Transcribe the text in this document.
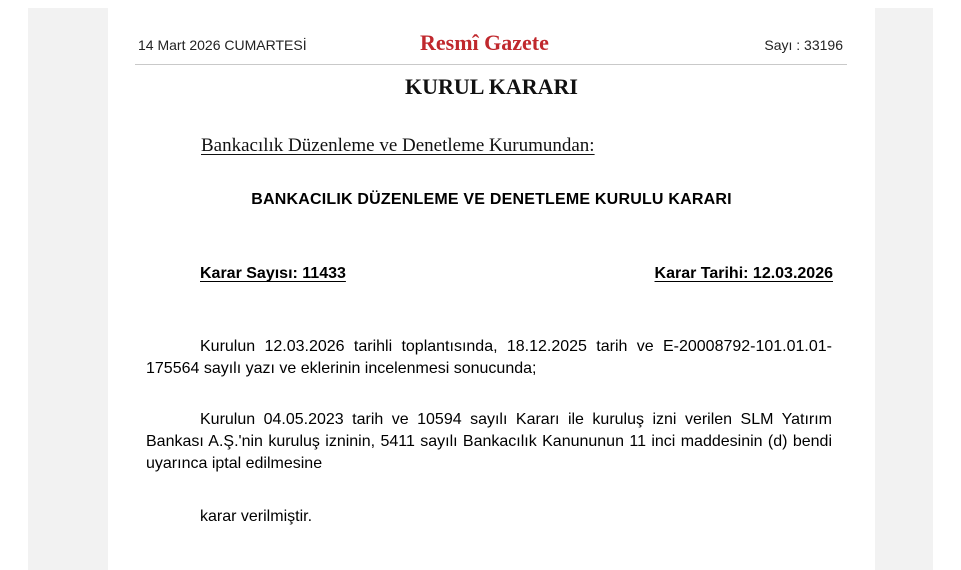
14 Mart 2026 CUMARTESİ	Resmî Gazete	Sayı : 33196
KURUL KARARI
Bankacılık Düzenleme ve Denetleme Kurumundan:
BANKACILIK DÜZENLEME VE DENETLEME KURULU KARARI
Karar Sayısı: 11433	Karar Tarihi: 12.03.2026

Kurulun 12.03.2026 tarihli toplantısında, 18.12.2025 tarih ve E-20008792-101.01.01-175564 sayılı yazı ve eklerinin incelenmesi sonucunda;

Kurulun 04.05.2023 tarih ve 10594 sayılı Kararı ile kuruluş izni verilen SLM Yatırım Bankası A.Ş.'nin kuruluş izninin, 5411 sayılı Bankacılık Kanununun 11 inci maddesinin (d) bendi uyarınca iptal edilmesine

karar verilmiştir.
